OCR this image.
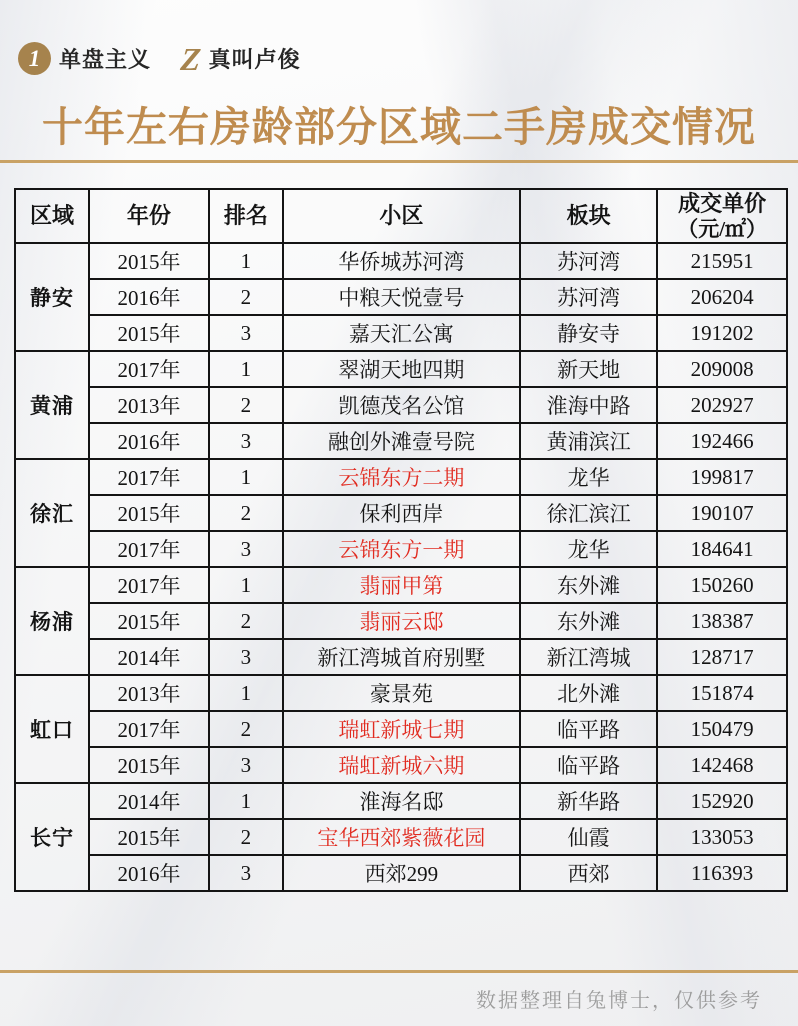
1 单盘主义 Z 真叫卢俊
十年左右房龄部分区域二手房成交情况
区域	年份	排名	小区	板块	成交单价
（元/㎡）

静安	2015年	1	华侨城苏河湾	苏河湾	215951
	2016年	2	中粮天悦壹号	苏河湾	206204
	2015年	3	嘉天汇公寓	静安寺	191202
黄浦	2017年	1	翠湖天地四期	新天地	209008
	2013年	2	凯德茂名公馆	淮海中路	202927
	2016年	3	融创外滩壹号院	黄浦滨江	192466
徐汇	2017年	1	云锦东方二期	龙华	199817
	2015年	2	保利西岸	徐汇滨江	190107
	2017年	3	云锦东方一期	龙华	184641
杨浦	2017年	1	翡丽甲第	东外滩	150260
	2015年	2	翡丽云邸	东外滩	138387
	2014年	3	新江湾城首府别墅	新江湾城	128717
虹口	2013年	1	豪景苑	北外滩	151874
	2017年	2	瑞虹新城七期	临平路	150479
	2015年	3	瑞虹新城六期	临平路	142468
长宁	2014年	1	淮海名邸	新华路	152920
	2015年	2	宝华西郊紫薇花园	仙霞	133053
	2016年	3	西郊299	西郊	116393
数据整理自兔博士，仅供参考
